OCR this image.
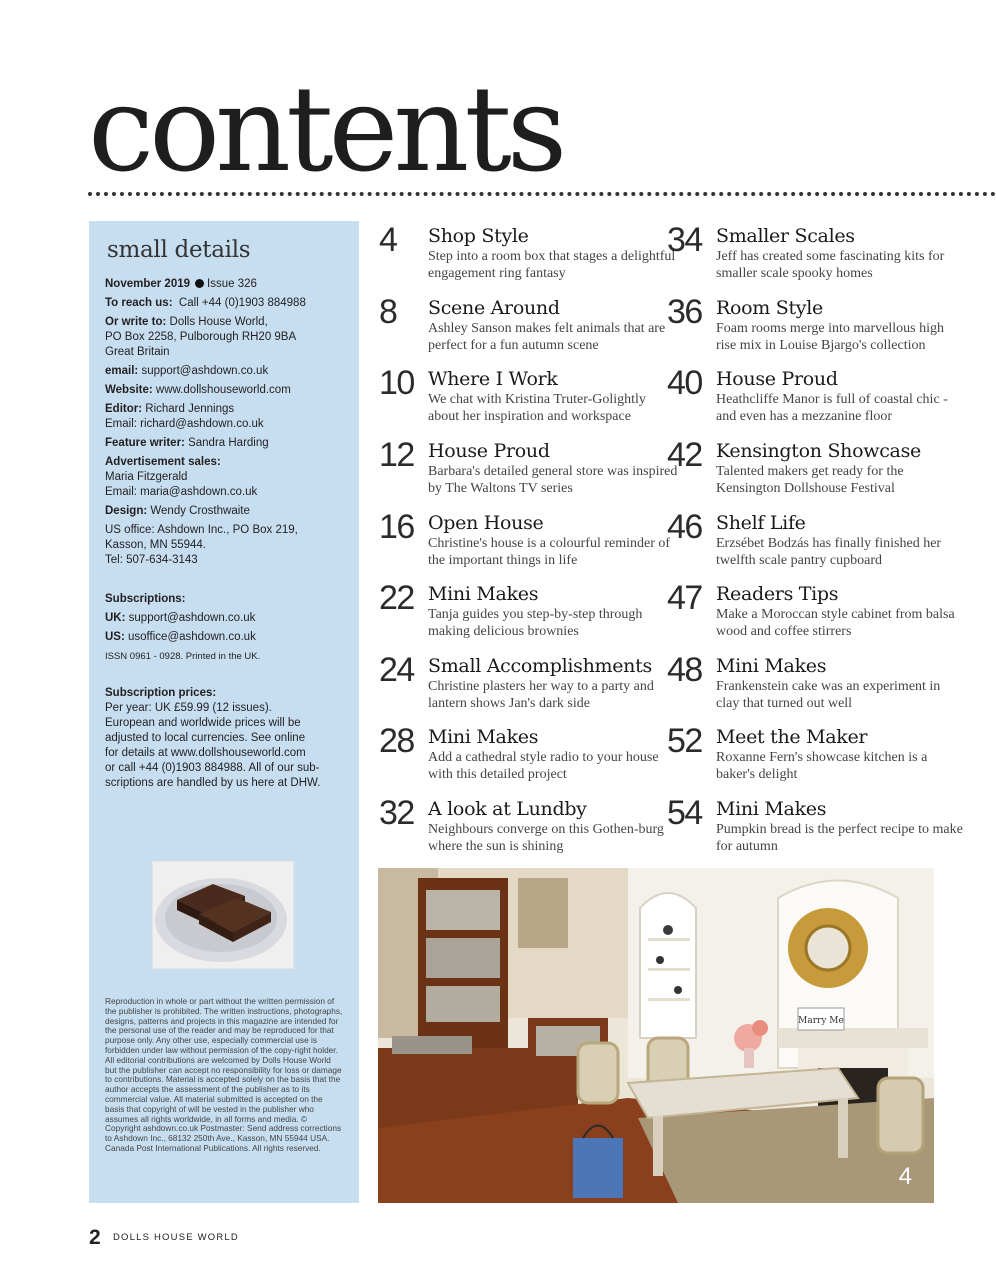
contents
small details
November 2019 Issue 326
To reach us: Call +44 (0)1903 884988
Or write to: Dolls House World,
PO Box 2258, Pulborough RH20 9BA
Great Britain
email: support@ashdown.co.uk
Website: www.dollshouseworld.com
Editor: Richard Jennings
Email: richard@ashdown.co.uk
Feature writer: Sandra Harding
Advertisement sales:
Maria Fitzgerald
Email: maria@ashdown.co.uk
Design: Wendy Crosthwaite
US office: Ashdown Inc., PO Box 219,
Kasson, MN 55944.
Tel: 507-634-3143
Subscriptions:
UK: support@ashdown.co.uk
US: usoffice@ashdown.co.uk
ISSN 0961 - 0928. Printed in the UK.
Subscription prices:
Per year: UK £59.99 (12 issues).
European and worldwide prices will be
adjusted to local currencies. See online
for details at www.dollshouseworld.com
or call +44 (0)1903 884988. All of our sub-
scriptions are handled by us here at DHW.
Reproduction in whole or part without the written permission of the publisher is prohibited. The written instructions, photographs, designs, patterns and projects in this magazine are intended for the personal use of the reader and may be reproduced for that purpose only. Any other use, especially commercial use is forbidden under law without permission of the copy-right holder. All editorial contributions are welcomed by Dolls House World but the publisher can accept no responsibility for loss or damage to contributions. Material is accepted solely on the basis that the author accepts the assessment of the publisher as to its commercial value. All material submitted is accepted on the basis that copyright of will be vested in the publisher who assumes all rights worldwide, in all forms and media. © Copyright ashdown.co.uk Postmaster: Send address corrections to Ashdown Inc., 68132 250th Ave., Kasson, MN 55944 USA. Canada Post International Publications. All rights reserved.
4 Shop Style
Step into a room box that stages a delightful engagement ring fantasy
8 Scene Around
Ashley Sanson makes felt animals that are perfect for a fun autumn scene
10 Where I Work
We chat with Kristina Truter-Golightly about her inspiration and workspace
12 House Proud
Barbara's detailed general store was inspired by The Waltons TV series
16 Open House
Christine's house is a colourful reminder of the important things in life
22 Mini Makes
Tanja guides you step-by-step through making delicious brownies
24 Small Accomplishments
Christine plasters her way to a party and lantern shows Jan's dark side
28 Mini Makes
Add a cathedral style radio to your house with this detailed project
32 A look at Lundby
Neighbours converge on this Gothen-burg where the sun is shining
34 Smaller Scales
Jeff has created some fascinating kits for smaller scale spooky homes
36 Room Style
Foam rooms merge into marvellous high rise mix in Louise Bjargo's collection
40 House Proud
Heathcliffe Manor is full of coastal chic - and even has a mezzanine floor
42 Kensington Showcase
Talented makers get ready for the Kensington Dollshouse Festival
46 Shelf Life
Erzsébet Bodzás has finally finished her twelfth scale pantry cupboard
47 Readers Tips
Make a Moroccan style cabinet from balsa wood and coffee stirrers
48 Mini Makes
Frankenstein cake was an experiment in clay that turned out well
52 Meet the Maker
Roxanne Fern's showcase kitchen is a baker's delight
54 Mini Makes
Pumpkin bread is the perfect recipe to make for autumn
Marry Me
4
2 DOLLS HOUSE WORLD
